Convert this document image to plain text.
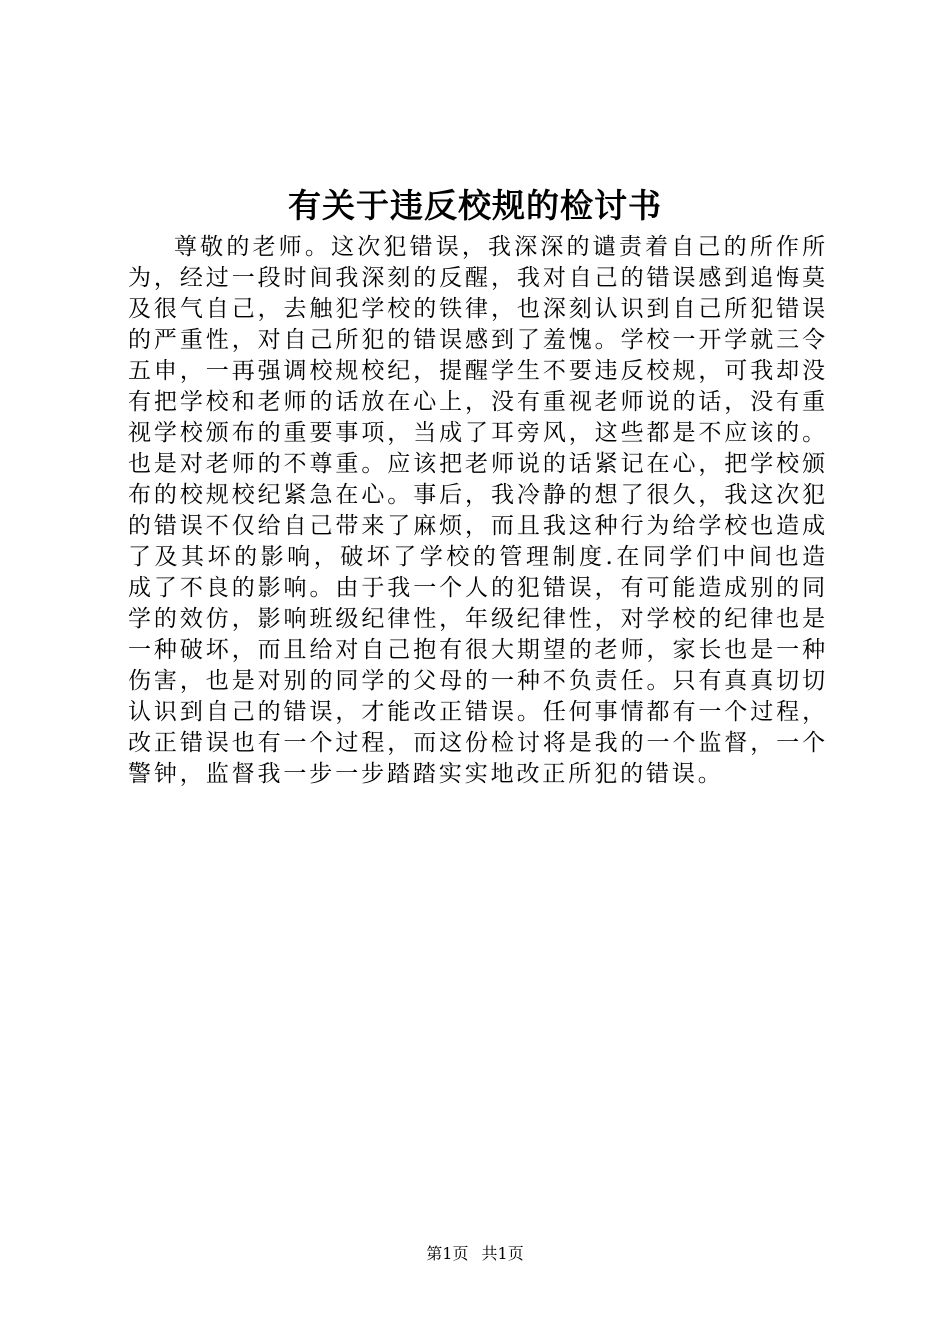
有关于违反校规的检讨书

尊敬的老师。这次犯错误，我深深的谴责着自己的所作所为，经过一段时间我深刻的反醒，我对自己的错误感到追悔莫及很气自己，去触犯学校的铁律，也深刻认识到自己所犯错误的严重性，对自己所犯的错误感到了羞愧。学校一开学就三令五申，一再强调校规校纪，提醒学生不要违反校规，可我却没有把学校和老师的话放在心上，没有重视老师说的话，没有重视学校颁布的重要事项，当成了耳旁风，这些都是不应该的。也是对老师的不尊重。应该把老师说的话紧记在心，把学校颁布的校规校纪紧急在心。事后，我冷静的想了很久，我这次犯的错误不仅给自己带来了麻烦，而且我这种行为给学校也造成了及其坏的影响，破坏了学校的管理制度.在同学们中间也造成了不良的影响。由于我一个人的犯错误，有可能造成别的同学的效仿，影响班级纪律性，年级纪律性，对学校的纪律也是一种破坏，而且给对自己抱有很大期望的老师，家长也是一种伤害，也是对别的同学的父母的一种不负责任。只有真真切切认识到自己的错误，才能改正错误。任何事情都有一个过程，改正错误也有一个过程，而这份检讨将是我的一个监督，一个警钟，监督我一步一步踏踏实实地改正所犯的错误。

第1页 共1页
